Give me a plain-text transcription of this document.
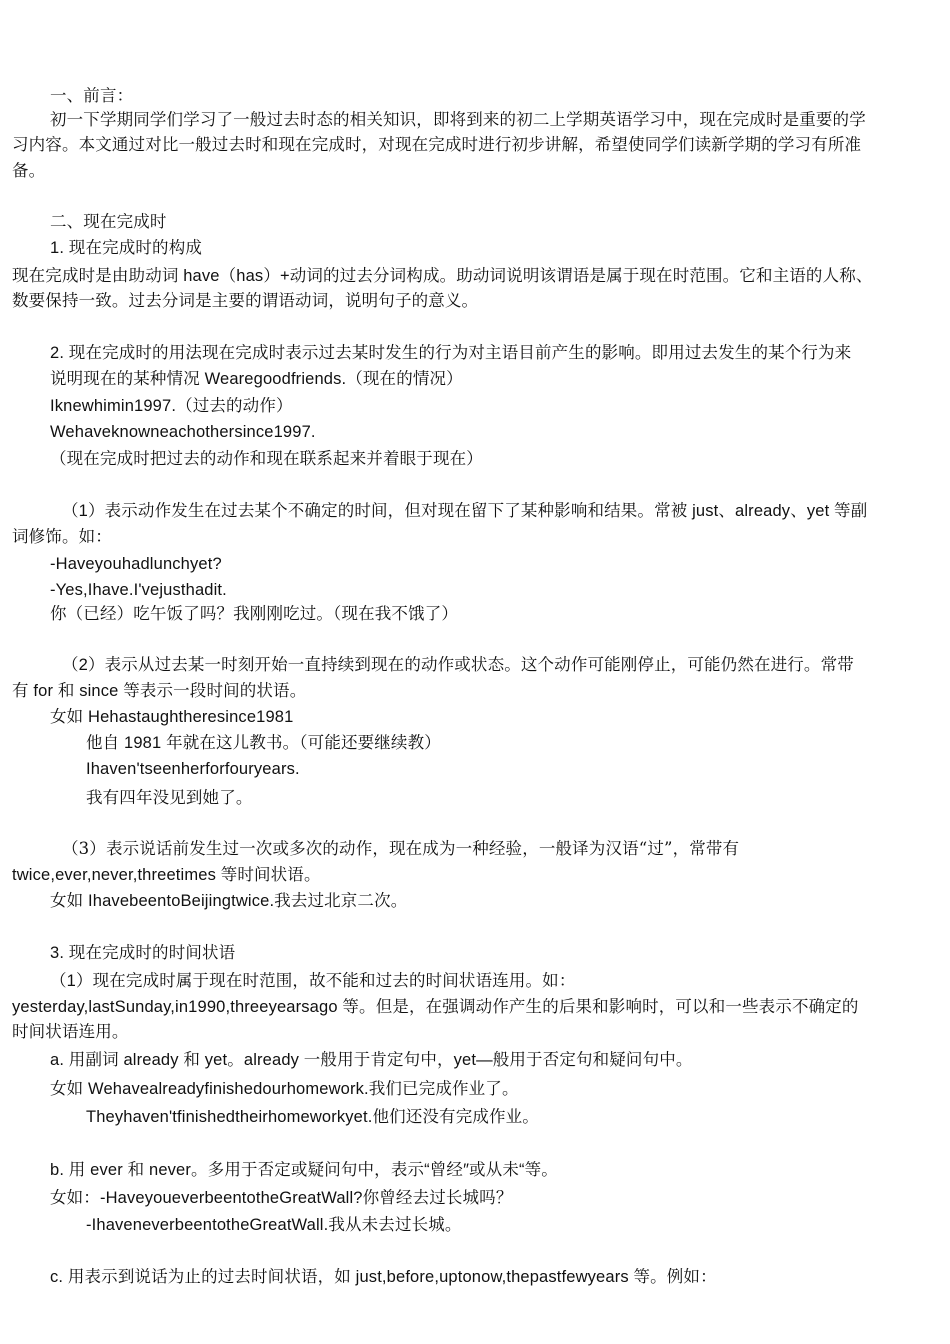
一、前言：
初一下学期同学们学习了一般过去时态的相关知识，即将到来的初二上学期英语学习中，现在完成时是重要的学
习内容。本文通过对比一般过去时和现在完成时，对现在完成时进行初步讲解，希望使同学们读新学期的学习有所准
备。
二、现在完成时
1. 现在完成时的构成
现在完成时是由助动词 have（has）+动词的过去分词构成。助动词说明该谓语是属于现在时范围。它和主语的人称、
数要保持一致。过去分词是主要的谓语动词，说明句子的意义。
2. 现在完成时的用法现在完成时表示过去某时发生的行为对主语目前产生的影响。即用过去发生的某个行为来
说明现在的某种情况 Wearegoodfriends.（现在的情况）
Iknewhimin1997.（过去的动作）
Wehaveknowneachothersince1997.
（现在完成时把过去的动作和现在联系起来并着眼于现在）
（1）表示动作发生在过去某个不确定的时间，但对现在留下了某种影响和结果。常被 just、already、yet 等副
词修饰。如：
-Haveyouhadlunchyet?
-Yes,Ihave.I'vejusthadit.
你（已经）吃午饭了吗？我刚刚吃过。（现在我不饿了）
（2）表示从过去某一时刻开始一直持续到现在的动作或状态。这个动作可能刚停止，可能仍然在进行。常带
有 for 和 since 等表示一段时间的状语。
女如 Hehastaughtheresince1981
他自 1981 年就在这儿教书。（可能还要继续教）
Ihaven'tseenherforfouryears.
我有四年没见到她了。
（3）表示说话前发生过一次或多次的动作，现在成为一种经验，一般译为汉语“过”，常带有
twice,ever,never,threetimes 等时间状语。
女如 IhavebeentoBeijingtwice.我去过北京二次。
3. 现在完成时的时间状语
（1）现在完成时属于现在时范围，故不能和过去的时间状语连用。如：
yesterday,lastSunday,in1990,threeyearsago 等。但是，在强调动作产生的后果和影响时，可以和一些表示不确定的
时间状语连用。
a. 用副词 already 和 yet。already 一般用于肯定句中，yet—般用于否定句和疑问句中。
女如 Wehavealreadyfinishedourhomework.我们已完成作业了。
Theyhaven'tfinishedtheirhomeworkyet.他们还没有完成作业。
b. 用 ever 和 never。多用于否定或疑问句中，表示“曾经″或从未“等。
女如：-HaveyoueverbeentotheGreatWall?你曾经去过长城吗？
-IhaveneverbeentotheGreatWall.我从未去过长城。
c. 用表示到说话为止的过去时间状语，如 just,before,uptonow,thepastfewyears 等。例如：
